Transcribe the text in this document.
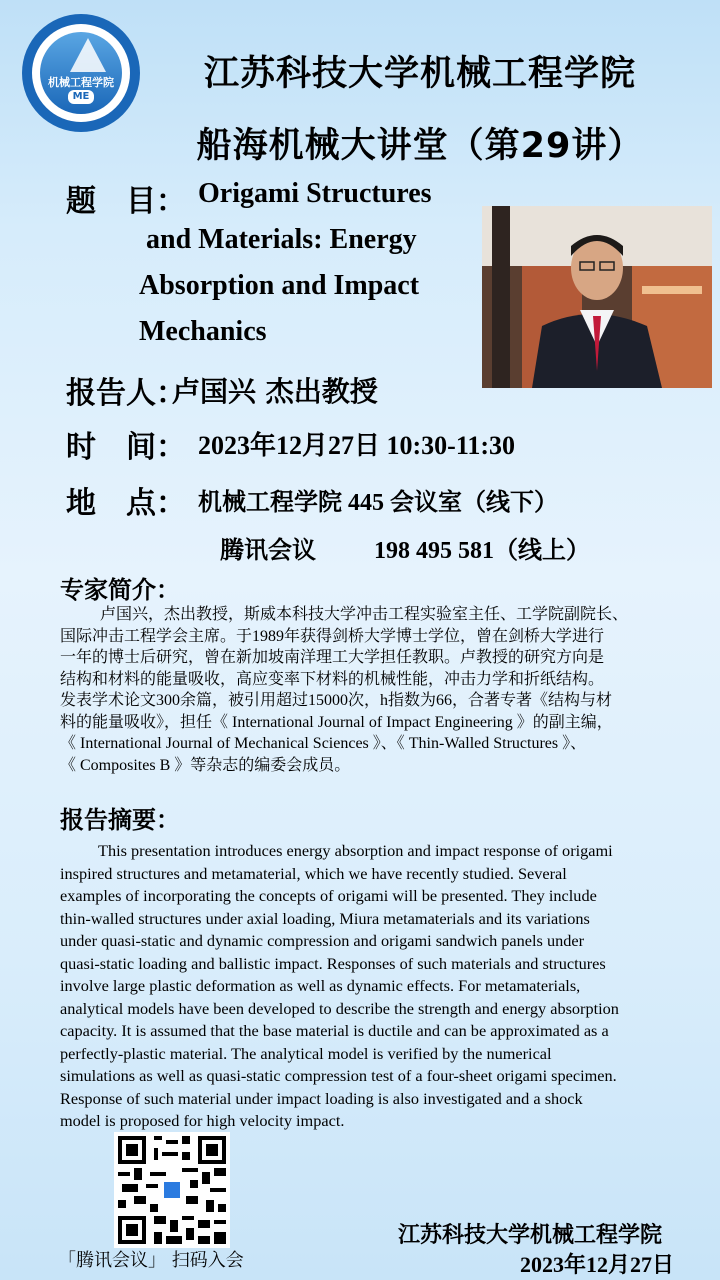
机械工程学院
ME
江苏科技大学机械工程学院
船海机械大讲堂（第29讲）
题　目： Origami Structures
and Materials: Energy
Absorption and Impact
Mechanics
报告人：
卢国兴 杰出教授
时　间： 2023年12月27日 10:30-11:30
地　点： 机械工程学院 445 会议室（线下）
腾讯会议 198 495 581（线上）
专家简介：
卢国兴，杰出教授，斯威本科技大学冲击工程实验室主任、工学院副院长、
国际冲击工程学会主席。于1989年获得剑桥大学博士学位，曾在剑桥大学进行
一年的博士后研究，曾在新加坡南洋理工大学担任教职。卢教授的研究方向是
结构和材料的能量吸收，高应变率下材料的机械性能，冲击力学和折纸结构。
发表学术论文300余篇，被引用超过15000次，h指数为66，合著专著《结构与材
料的能量吸收》，担任《 International Journal of Impact Engineering 》的副主编，
《 International Journal of Mechanical Sciences 》、《 Thin-Walled Structures 》、
《 Composites B 》等杂志的编委会成员。
报告摘要：
This presentation introduces energy absorption and impact response of origami
inspired structures and metamaterial, which we have recently studied. Several
examples of incorporating the concepts of origami will be presented. They include
thin-walled structures under axial loading, Miura metamaterials and its variations
under quasi-static and dynamic compression and origami sandwich panels under
quasi-static loading and ballistic impact. Responses of such materials and structures
involve large plastic deformation as well as dynamic effects. For metamaterials,
analytical models have been developed to describe the strength and energy absorption
capacity. It is assumed that the base material is ductile and can be approximated as a
perfectly-plastic material. The analytical model is verified by the numerical
simulations as well as quasi-static compression test of a four-sheet origami specimen.
Response of such material under impact loading is also investigated and a shock
model is proposed for high velocity impact.
「腾讯会议」 扫码入会
江苏科技大学机械工程学院
2023年12月27日
